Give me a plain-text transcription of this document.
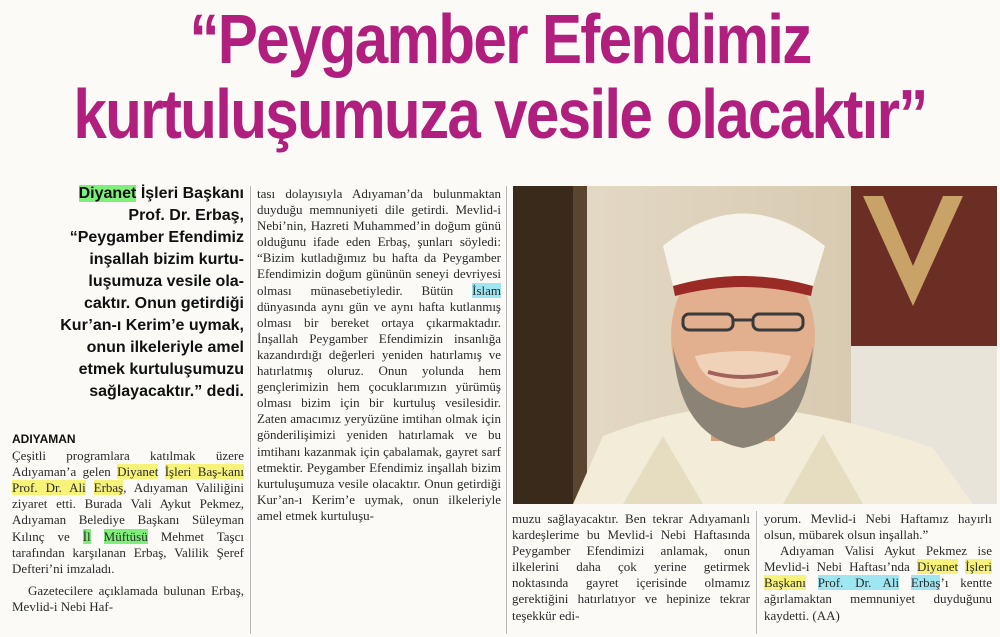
“Peygamber Efendimiz
kurtuluşumuza vesile olacaktır”

Diyanet İşleri Başkanı

Prof. Dr. Erbaş,

“Peygamber Efendimiz

inşallah bizim kurtu-

luşumuza vesile ola-

caktır. Onun getirdiği

Kur’an-ı Kerim’e uymak,

onun ilkeleriyle amel

etmek kurtuluşumuzu

sağlayacaktır.” dedi.

ADIYAMAN

Çeşitli programlara katılmak üzere Adıyaman’a gelen Diyanet İşleri Baş-kanı Prof. Dr. Ali Erbaş, Adıyaman Valiliğini ziyaret etti. Burada Vali Aykut Pekmez, Adıyaman Belediye Başkanı Süleyman Kılınç ve İl Müftüsü Mehmet Taşcı tarafından karşılanan Erbaş, Valilik Şeref Defteri’ni imzaladı.

Gazetecilere açıklamada bulunan Erbaş, Mevlid-i Nebi Haf-

tası dolayısıyla Adıyaman’da bulunmaktan duyduğu memnuniyeti dile getirdi. Mevlid-i Nebi’nin, Hazreti Muhammed’in doğum günü olduğunu ifade eden Erbaş, şunları söyledi: “Bizim kutladığımız bu hafta da Peygamber Efendimizin doğum gününün seneyi devriyesi olması münasebetiyledir. Bütün İslam dünyasında aynı gün ve aynı hafta kutlanmış olması bir bereket ortaya çıkarmaktadır. İnşallah Peygamber Efendimizin insanlığa kazandırdığı değerleri yeniden hatırlamış ve hatırlatmış oluruz. Onun yolunda hem gençlerimizin hem çocuklarımızın yürümüş olması bizim için bir kurtuluş vesilesidir. Zaten amacımız yeryüzüne imtihan olmak için gönderilişimizi yeniden hatırlamak ve bu imtihanı kazanmak için çabalamak, gayret sarf etmektir. Peygamber Efendimiz inşallah bizim kurtuluşumuza vesile olacaktır. Onun getirdiği Kur’an-ı Kerim’e uymak, onun ilkeleriyle amel etmek kurtuluşu-	muzu sağlayacaktır. Ben tekrar Adıyamanlı kardeşlerime bu Mevlid-i Nebi Haftasında Peygamber Efendimizi anlamak, onun ilkelerini daha çok yerine getirmek noktasında gayret içerisinde olmamız gerektiğini hatırlatıyor ve hepinize tekrar teşekkür edi-

yorum. Mevlid-i Nebi Haftamız hayırlı olsun, mübarek olsun inşallah.”

Adıyaman Valisi Aykut Pekmez ise Mevlid-i Nebi Haftası’nda Diyanet İşleri Başkanı Prof. Dr. Ali Erbaş’ı kentte ağırlamaktan memnuniyet duyduğunu kaydetti. (AA)
